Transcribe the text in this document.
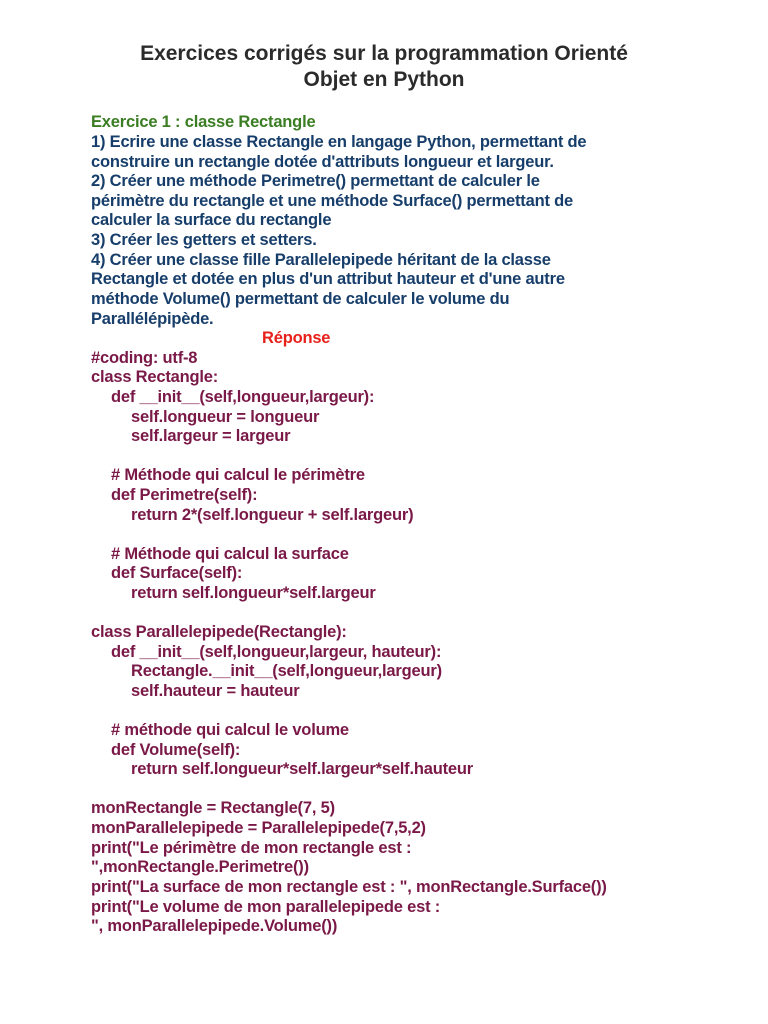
Exercices corrigés sur la programmation Orienté
Objet en Python
Exercice 1 : classe Rectangle
1) Ecrire une classe Rectangle en langage Python, permettant de
construire un rectangle dotée d'attributs longueur et largeur.
2) Créer une méthode Perimetre() permettant de calculer le
périmètre du rectangle et une méthode Surface() permettant de
calculer la surface du rectangle
3) Créer les getters et setters.
4) Créer une classe fille Parallelepipede héritant de la classe
Rectangle et dotée en plus d'un attribut hauteur et d'une autre
méthode Volume() permettant de calculer le volume du
Parallélépipède.
Réponse
#coding: utf-8
class Rectangle:
def __init__(self,longueur,largeur):
self.longueur = longueur
self.largeur = largeur
# Méthode qui calcul le périmètre
def Perimetre(self):
return 2*(self.longueur + self.largeur)
# Méthode qui calcul la surface
def Surface(self):
return self.longueur*self.largeur
class Parallelepipede(Rectangle):
def __init__(self,longueur,largeur, hauteur):
Rectangle.__init__(self,longueur,largeur)
self.hauteur = hauteur
# méthode qui calcul le volume
def Volume(self):
return self.longueur*self.largeur*self.hauteur
monRectangle = Rectangle(7, 5)
monParallelepipede = Parallelepipede(7,5,2)
print("Le périmètre de mon rectangle est :
",monRectangle.Perimetre())
print("La surface de mon rectangle est : ", monRectangle.Surface())
print("Le volume de mon parallelepipede est :
", monParallelepipede.Volume())
